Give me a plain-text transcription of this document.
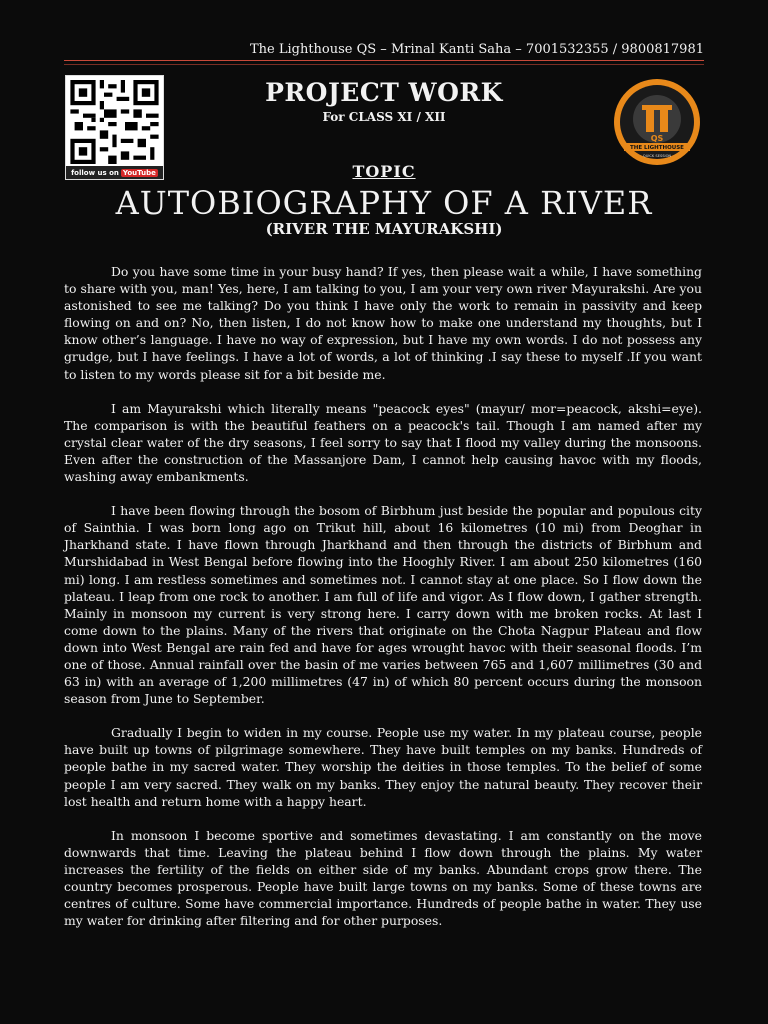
The Lighthouse QS – Mrinal Kanti Saha – 7001532355 / 9800817981
follow us on YouTube
QS
THE LIGHTHOUSE
QUICK SESSION
PROJECT WORK
For CLASS XI / XII
TOPIC
AUTOBIOGRAPHY OF A RIVER
(RIVER THE MAYURAKSHI)

Do you have some time in your busy hand? If yes, then please wait a while, I have something to share with you, man! Yes, here, I am talking to you, I am your very own river Mayurakshi. Are you astonished to see me talking? Do you think I have only the work to remain in passivity and keep flowing on and on? No, then listen, I do not know how to make one understand my thoughts, but I know other’s language. I have no way of expression, but I have my own words. I do not possess any grudge, but I have feelings. I have a lot of words, a lot of thinking .I say these to myself .If you want to listen to my words please sit for a bit beside me.

I am Mayurakshi which literally means "peacock eyes" (mayur/ mor=peacock, akshi=eye). The comparison is with the beautiful feathers on a peacock's tail. Though I am named after my crystal clear water of the dry seasons, I feel sorry to say that I flood my valley during the monsoons. Even after the construction of the Massanjore Dam, I cannot help causing havoc with my floods, washing away embankments.

I have been flowing through the bosom of Birbhum just beside the popular and populous city of Sainthia. I was born long ago on Trikut hill, about 16 kilometres (10 mi) from Deoghar in Jharkhand state. I have flown through Jharkhand and then through the districts of Birbhum and Murshidabad in West Bengal before flowing into the Hooghly River. I am about 250 kilometres (160 mi) long. I am restless sometimes and sometimes not. I cannot stay at one place. So I flow down the plateau. I leap from one rock to another. I am full of life and vigor. As I flow down, I gather strength. Mainly in monsoon my current is very strong here. I carry down with me broken rocks. At last I come down to the plains. Many of the rivers that originate on the Chota Nagpur Plateau and flow down into West Bengal are rain fed and have for ages wrought havoc with their seasonal floods. I’m one of those. Annual rainfall over the basin of me varies between 765 and 1,607 millimetres (30 and 63 in) with an average of 1,200 millimetres (47 in) of which 80 percent occurs during the monsoon season from June to September.

Gradually I begin to widen in my course. People use my water. In my plateau course, people have built up towns of pilgrimage somewhere. They have built temples on my banks. Hundreds of people bathe in my sacred water. They worship the deities in those temples. To the belief of some people I am very sacred. They walk on my banks. They enjoy the natural beauty. They recover their lost health and return home with a happy heart.

In monsoon I become sportive and sometimes devastating. I am constantly on the move downwards that time. Leaving the plateau behind I flow down through the plains. My water increases the fertility of the fields on either side of my banks. Abundant crops grow there. The country becomes prosperous. People have built large towns on my banks. Some of these towns are centres of culture. Some have commercial importance. Hundreds of people bathe in water. They use my water for drinking after filtering and for other purposes.
